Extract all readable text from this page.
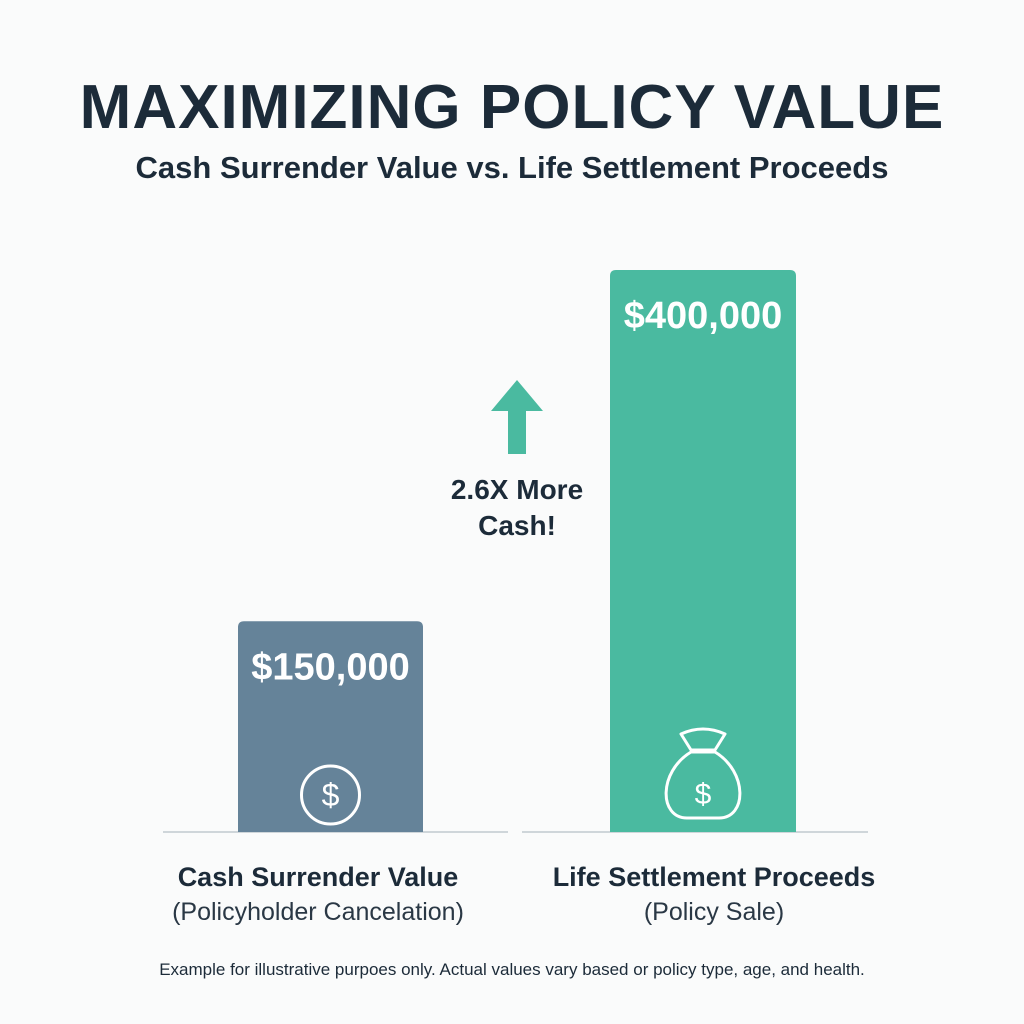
MAXIMIZING POLICY VALUE
Cash Surrender Value vs. Life Settlement Proceeds
$150,000
$400,000
$	$
2.6X More Cash!
Cash Surrender Value
(Policyholder Cancelation)
Life Settlement Proceeds
(Policy Sale)
Example for illustrative purpoes only. Actual values vary based or policy type, age, and health.
